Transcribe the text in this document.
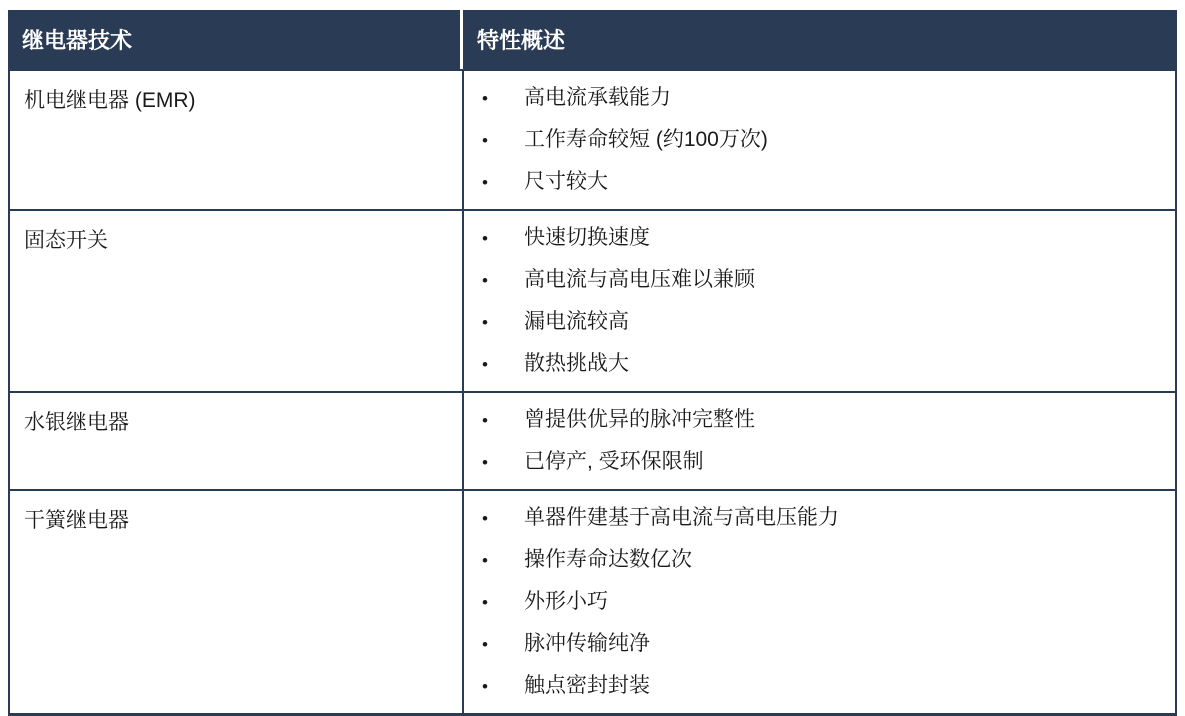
继电器技术	特性概述
机电继电器 (EMR)	•	高电流承载能力
•	工作寿命较短 (约100万次)
•	尺寸较大
固态开关	•	快速切换速度
•	高电流与高电压难以兼顾
•	漏电流较高
•	散热挑战大
水银继电器	•	曾提供优异的脉冲完整性
•	已停产, 受环保限制
干簧继电器	•	单器件建基于高电流与高电压能力
•	操作寿命达数亿次
•	外形小巧
•	脉冲传输纯净
•	触点密封封装
